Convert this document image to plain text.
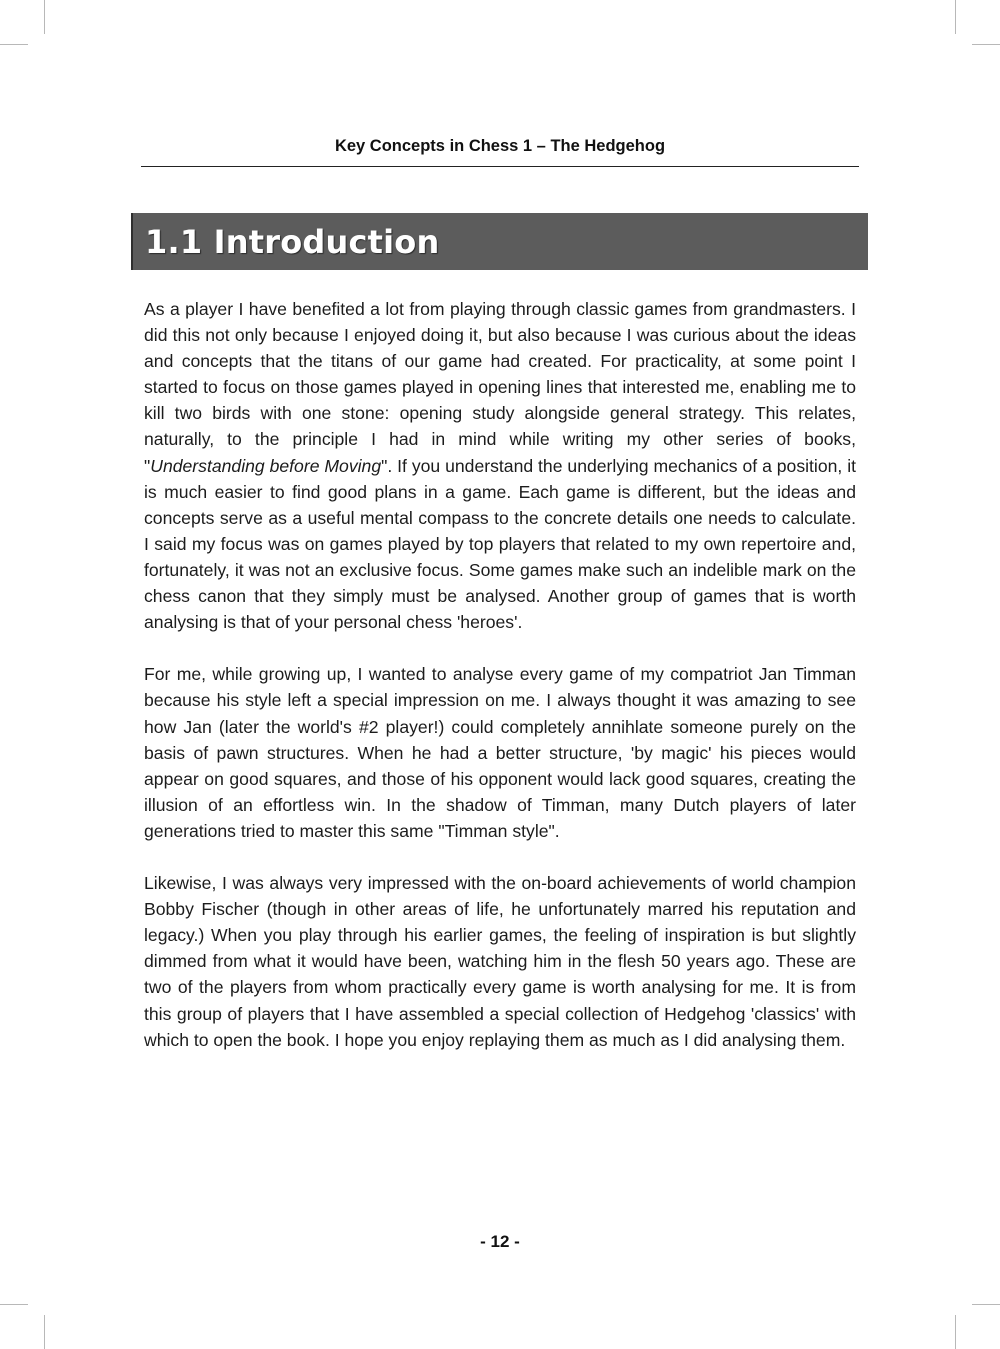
Key Concepts in Chess 1 – The Hedgehog
1.1 Introduction

As a player I have benefited a lot from playing through classic games from grandmasters. I did this not only because I enjoyed doing it, but also because I was curious about the ideas and concepts that the titans of our game had created. For practicality, at some point I started to focus on those games played in opening lines that interested me, enabling me to kill two birds with one stone: opening study alongside general strategy. This relates, naturally, to the principle I had in mind while writing my other series of books, "Understanding before Moving". If you understand the underlying mechanics of a position, it is much easier to find good plans in a game. Each game is different, but the ideas and concepts serve as a useful mental compass to the concrete details one needs to calculate. I said my focus was on games played by top players that related to my own repertoire and, fortunately, it was not an exclusive focus. Some games make such an indelible mark on the chess canon that they simply must be analysed. Another group of games that is worth analysing is that of your personal chess 'heroes'.

For me, while growing up, I wanted to analyse every game of my compatriot Jan Timman because his style left a special impression on me. I always thought it was amazing to see how Jan (later the world's #2 player!) could completely annihlate someone purely on the basis of pawn structures. When he had a better structure, 'by magic' his pieces would appear on good squares, and those of his opponent would lack good squares, creating the illusion of an effortless win. In the shadow of Timman, many Dutch players of later generations tried to master this same "Timman style".

Likewise, I was always very impressed with the on-board achievements of world champion Bobby Fischer (though in other areas of life, he unfortunately marred his reputation and legacy.) When you play through his earlier games, the feeling of inspiration is but slightly dimmed from what it would have been, watching him in the flesh 50 years ago. These are two of the players from whom practically every game is worth analysing for me. It is from this group of players that I have assembled a special collection of Hedgehog 'classics' with which to open the book. I hope you enjoy replaying them as much as I did analysing them.

- 12 -
